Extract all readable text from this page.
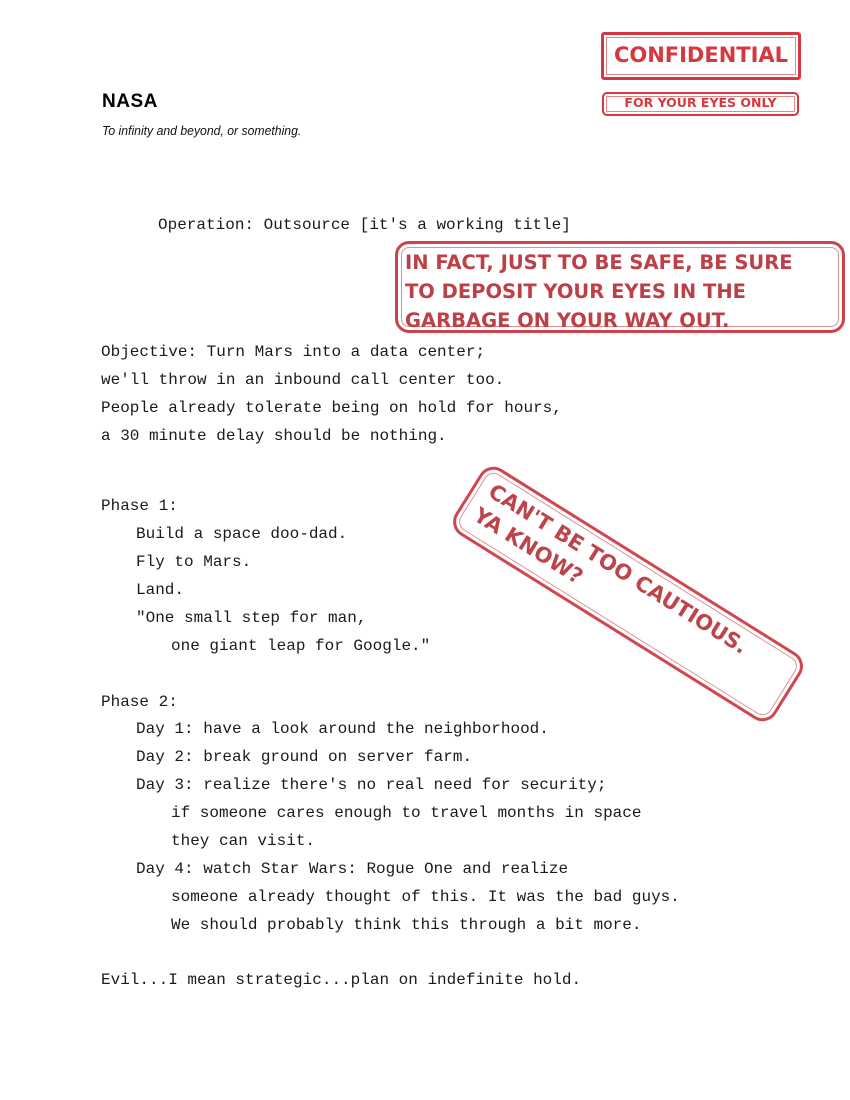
NASA
To infinity and beyond, or something.
Operation: Outsource [it's a working title]
Objective: Turn Mars into a data center;
we'll throw in an inbound call center too.
People already tolerate being on hold for hours,
a 30 minute delay should be nothing.
Phase 1:
Build a space doo-dad.
Fly to Mars.
Land.
"One small step for man,
one giant leap for Google."
Phase 2:
Day 1: have a look around the neighborhood.
Day 2: break ground on server farm.
Day 3: realize there's no real need for security;
if someone cares enough to travel months in space
they can visit.
Day 4: watch Star Wars: Rogue One and realize
someone already thought of this. It was the bad guys.
We should probably think this through a bit more.
Evil...I mean strategic...plan on indefinite hold.
CONFIDENTIAL
FOR YOUR EYES ONLY
IN FACT, JUST TO BE SAFE, BE SURE
TO DEPOSIT YOUR EYES IN THE
GARBAGE ON YOUR WAY OUT.
CAN'T BE TOO CAUTIOUS.
YA KNOW?
